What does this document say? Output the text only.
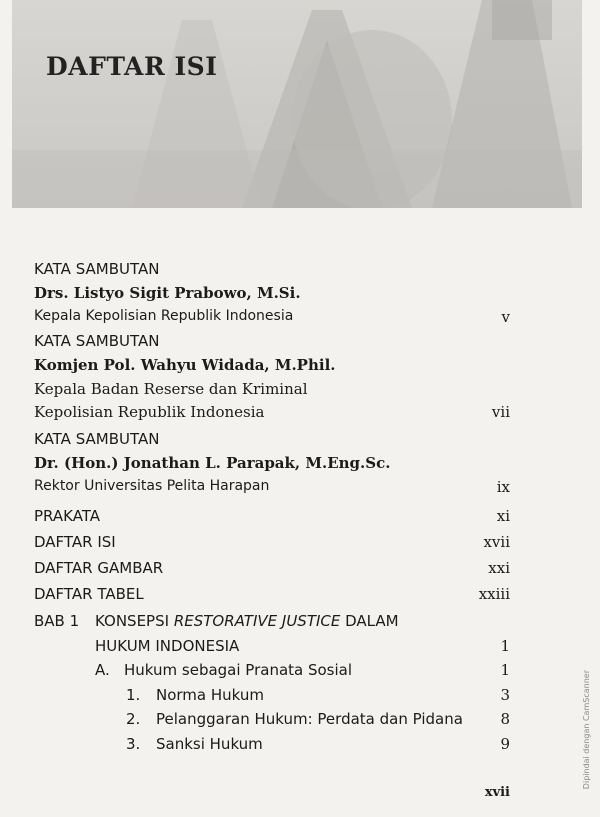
DAFTAR ISI
KATA SAMBUTAN
Drs. Listyo Sigit Prabowo, M.Si.
Kepala Kepolisian Republik Indonesia	v
KATA SAMBUTAN
Komjen Pol. Wahyu Widada, M.Phil.
Kepala Badan Reserse dan Kriminal
Kepolisian Republik Indonesia	vii
KATA SAMBUTAN
Dr. (Hon.) Jonathan L. Parapak, M.Eng.Sc.
Rektor Universitas Pelita Harapan	ix
PRAKATA	xi
DAFTAR ISI	xvii
DAFTAR GAMBAR	xxi
DAFTAR TABEL	xxiii
BAB 1 KONSEPSI RESTORATIVE JUSTICE DALAM
HUKUM INDONESIA	1
A. Hukum sebagai Pranata Sosial	1
1. Norma Hukum	3
2. Pelanggaran Hukum: Perdata dan Pidana	8
3. Sanksi Hukum	9
xvii
Dipindai dengan CamScanner
